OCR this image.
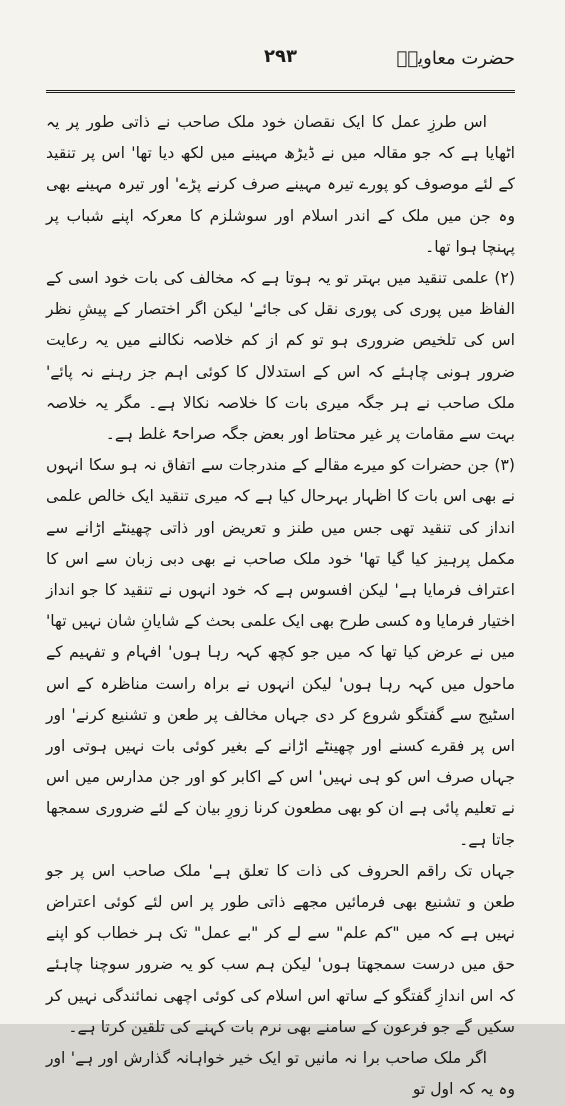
حضرت معاویہؓ
۲۹۳

اس طرزِ عمل کا ایک نقصان خود ملک صاحب نے ذاتی طور پر یہ اٹھایا ہے کہ جو مقالہ میں نے ڈیڑھ مہینے میں لکھ دیا تھا' اس پر تنقید کے لئے موصوف کو پورے تیرہ مہینے صرف کرنے پڑے' اور تیرہ مہینے بھی وہ جن میں ملک کے اندر اسلام اور سوشلزم کا معرکہ اپنے شباب پر پہنچا ہوا تھا۔

(۲) علمی تنقید میں بہتر تو یہ ہوتا ہے کہ مخالف کی بات خود اسی کے الفاظ میں پوری کی پوری نقل کی جائے' لیکن اگر اختصار کے پیشِ نظر اس کی تلخیص ضروری ہو تو کم از کم خلاصہ نکالنے میں یہ رعایت ضرور ہونی چاہئے کہ اس کے استدلال کا کوئی اہم جز رہنے نہ پائے' ملک صاحب نے ہر جگہ میری بات کا خلاصہ نکالا ہے۔ مگر یہ خلاصہ بہت سے مقامات پر غیر محتاط اور بعض جگہ صراحۃً غلط ہے۔

(۳) جن حضرات کو میرے مقالے کے مندرجات سے اتفاق نہ ہو سکا انہوں نے بھی اس بات کا اظہار بہرحال کیا ہے کہ میری تنقید ایک خالص علمی انداز کی تنقید تھی جس میں طنز و تعریض اور ذاتی چھینٹے اڑانے سے مکمل پرہیز کیا گیا تھا' خود ملک صاحب نے بھی دبی زبان سے اس کا اعتراف فرمایا ہے' لیکن افسوس ہے کہ خود انہوں نے تنقید کا جو انداز اختیار فرمایا وہ کسی طرح بھی ایک علمی بحث کے شایانِ شان نہیں تھا' میں نے عرض کیا تھا کہ میں جو کچھ کہہ رہا ہوں' افہام و تفہیم کے ماحول میں کہہ رہا ہوں' لیکن انہوں نے براہ راست مناظرہ کے اس اسٹیج سے گفتگو شروع کر دی جہاں مخالف پر طعن و تشنیع کرنے' اور اس پر فقرے کسنے اور چھینٹے اڑانے کے بغیر کوئی بات نہیں ہوتی اور جہاں صرف اس کو ہی نہیں' اس کے اکابر کو اور جن مدارس میں اس نے تعلیم پائی ہے ان کو بھی مطعون کرنا زورِ بیان کے لئے ضروری سمجھا جاتا ہے۔

جہاں تک راقم الحروف کی ذات کا تعلق ہے' ملک صاحب اس پر جو طعن و تشنیع بھی فرمائیں مجھے ذاتی طور پر اس لئے کوئی اعتراض نہیں ہے کہ میں "کم علم" سے لے کر "بے عمل" تک ہر خطاب کو اپنے حق میں درست سمجھتا ہوں' لیکن ہم سب کو یہ ضرور سوچنا چاہئے کہ اس اندازِ گفتگو کے ساتھ اس اسلام کی کوئی اچھی نمائندگی نہیں کر سکیں گے جو فرعون کے سامنے بھی نرم بات کہنے کی تلقین کرتا ہے۔

اگر ملک صاحب برا نہ مانیں تو ایک خیر خواہانہ گذارش اور ہے' اور وہ یہ کہ اول تو
